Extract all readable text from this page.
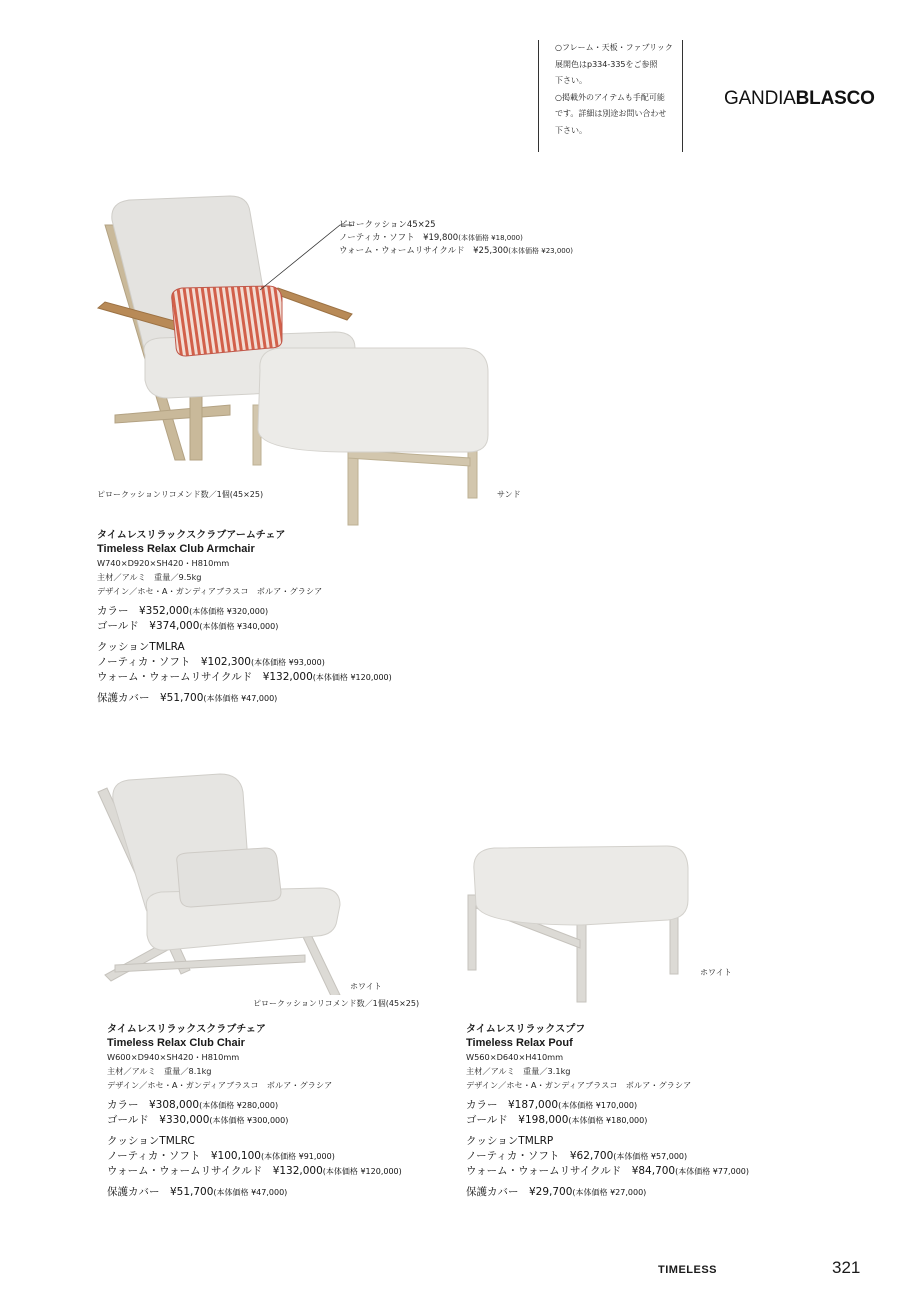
○フレーム・天板・ファブリック
展開色はp334-335をご参照
下さい。
○掲載外のアイテムも手配可能
です。詳細は別途お問い合わせ
下さい。
GANDIABLASCO
ピロークッション45×25
ノーティカ・ソフト　¥19,800(本体価格 ¥18,000)
ウォーム・ウォームリサイクルド　¥25,300(本体価格 ¥23,000)
ピロークッションリコメンド数／1個(45×25)	サンド
タイムレスリラックスクラブアームチェア
Timeless Relax Club Armchair
W740×D920×SH420・H810mm
主材／アルミ　重量／9.5kg
デザイン／ホセ・A・ガンディアブラスコ　ボルア・グラシア
カラー　¥352,000(本体価格 ¥320,000)
ゴールド　¥374,000(本体価格 ¥340,000)
クッションTMLRA
ノーティカ・ソフト　¥102,300(本体価格 ¥93,000)
ウォーム・ウォームリサイクルド　¥132,000(本体価格 ¥120,000)
保護カバー　¥51,700(本体価格 ¥47,000)
ホワイト
ピロークッションリコメンド数／1個(45×25)
タイムレスリラックスクラブチェア
Timeless Relax Club Chair
W600×D940×SH420・H810mm
主材／アルミ　重量／8.1kg
デザイン／ホセ・A・ガンディアブラスコ　ボルア・グラシア
カラー　¥308,000(本体価格 ¥280,000)
ゴールド　¥330,000(本体価格 ¥300,000)
クッションTMLRC
ノーティカ・ソフト　¥100,100(本体価格 ¥91,000)
ウォーム・ウォームリサイクルド　¥132,000(本体価格 ¥120,000)
保護カバー　¥51,700(本体価格 ¥47,000)
ホワイト
タイムレスリラックスプフ
Timeless Relax Pouf
W560×D640×H410mm
主材／アルミ　重量／3.1kg
デザイン／ホセ・A・ガンディアブラスコ　ボルア・グラシア
カラー　¥187,000(本体価格 ¥170,000)
ゴールド　¥198,000(本体価格 ¥180,000)
クッションTMLRP
ノーティカ・ソフト　¥62,700(本体価格 ¥57,000)
ウォーム・ウォームリサイクルド　¥84,700(本体価格 ¥77,000)
保護カバー　¥29,700(本体価格 ¥27,000)
TIMELESS	321
